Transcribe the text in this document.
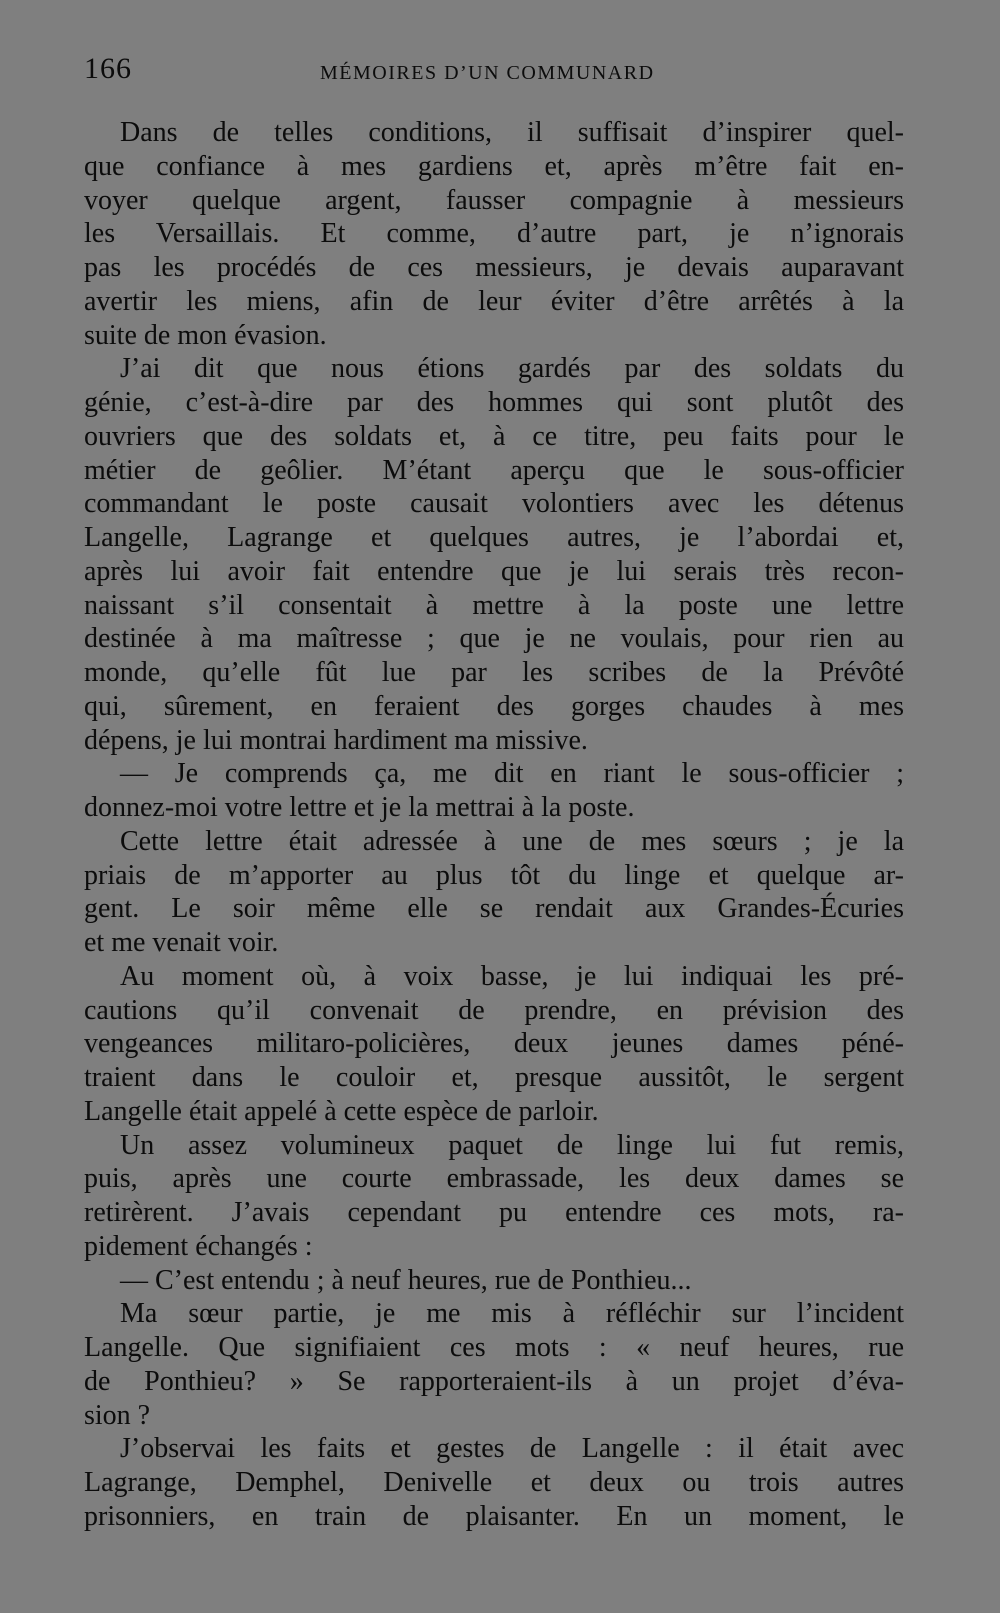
166	MÉMOIRES D’UN COMMUNARD
Dans de telles conditions, il suffisait d’inspirer quel-
que confiance à mes gardiens et, après m’être fait en-
voyer quelque argent, fausser compagnie à messieurs
les Versaillais. Et comme, d’autre part, je n’ignorais
pas les procédés de ces messieurs, je devais auparavant
avertir les miens, afin de leur éviter d’être arrêtés à la
suite de mon évasion.
J’ai dit que nous étions gardés par des soldats du
génie, c’est-à-dire par des hommes qui sont plutôt des
ouvriers que des soldats et, à ce titre, peu faits pour le
métier de geôlier. M’étant aperçu que le sous-officier
commandant le poste causait volontiers avec les détenus
Langelle, Lagrange et quelques autres, je l’abordai et,
après lui avoir fait entendre que je lui serais très recon-
naissant s’il consentait à mettre à la poste une lettre
destinée à ma maîtresse ; que je ne voulais, pour rien au
monde, qu’elle fût lue par les scribes de la Prévôté
qui, sûrement, en feraient des gorges chaudes à mes
dépens, je lui montrai hardiment ma missive.
— Je comprends ça, me dit en riant le sous-officier ;
donnez-moi votre lettre et je la mettrai à la poste.
Cette lettre était adressée à une de mes sœurs ; je la
priais de m’apporter au plus tôt du linge et quelque ar-
gent. Le soir même elle se rendait aux Grandes-Écuries
et me venait voir.
Au moment où, à voix basse, je lui indiquai les pré-
cautions qu’il convenait de prendre, en prévision des
vengeances militaro-policières, deux jeunes dames péné-
traient dans le couloir et, presque aussitôt, le sergent
Langelle était appelé à cette espèce de parloir.
Un assez volumineux paquet de linge lui fut remis,
puis, après une courte embrassade, les deux dames se
retirèrent. J’avais cependant pu entendre ces mots, ra-
pidement échangés :
— C’est entendu ; à neuf heures, rue de Ponthieu...
Ma sœur partie, je me mis à réfléchir sur l’incident
Langelle. Que signifiaient ces mots : « neuf heures, rue
de Ponthieu? » Se rapporteraient-ils à un projet d’éva-
sion ?
J’observai les faits et gestes de Langelle : il était avec
Lagrange, Demphel, Denivelle et deux ou trois autres
prisonniers, en train de plaisanter. En un moment, le
